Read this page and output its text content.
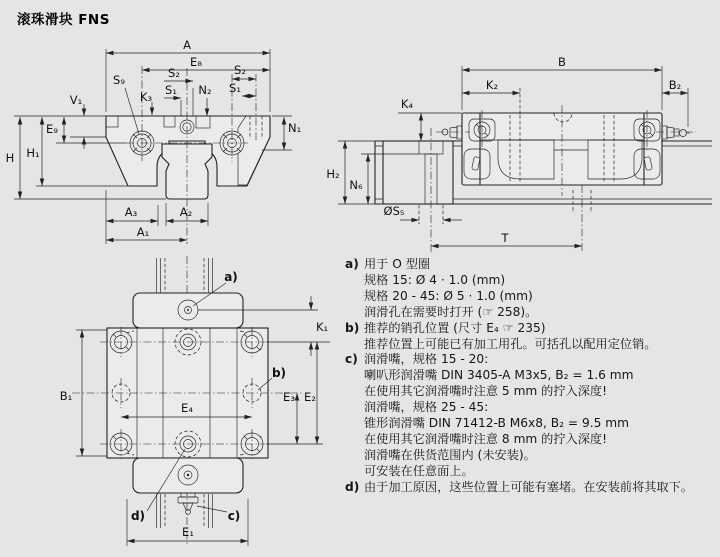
滚珠滑块 FNS
A
E₈
S₉	S₂
S₁ N₂
S₂
S₁
K₃
V₁
E₉
H H₁
N₁
A₃	A₂
A₁
B
K₂	B₂
K₄
H₂
N₆
ØS₅
T
a)
b)
c)
d)
B₁
K₁
E₃ E₂
E₄
E₁
a) 用于 O 型圈
规格 15: Ø 4 · 1.0 (mm)
规格 20 - 45: Ø 5 · 1.0 (mm)
润滑孔在需要时打开 (☞ 258)。
b) 推荐的销孔位置 (尺寸 E₄ ☞ 235)
推荐位置上可能已有加工用孔。可括孔以配用定位销。
c) 润滑嘴，规格 15 - 20:
喇叭形润滑嘴 DIN 3405-A M3x5, B₂ = 1.6 mm
在使用其它润滑嘴时注意 5 mm 的拧入深度!
润滑嘴，规格 25 - 45:
锥形润滑嘴 DIN 71412-B M6x8, B₂ = 9.5 mm
在使用其它润滑嘴时注意 8 mm 的拧入深度!
润滑嘴在供货范围内 (未安装)。
可安装在任意面上。
d) 由于加工原因，这些位置上可能有塞堵。在安装前将其取下。
